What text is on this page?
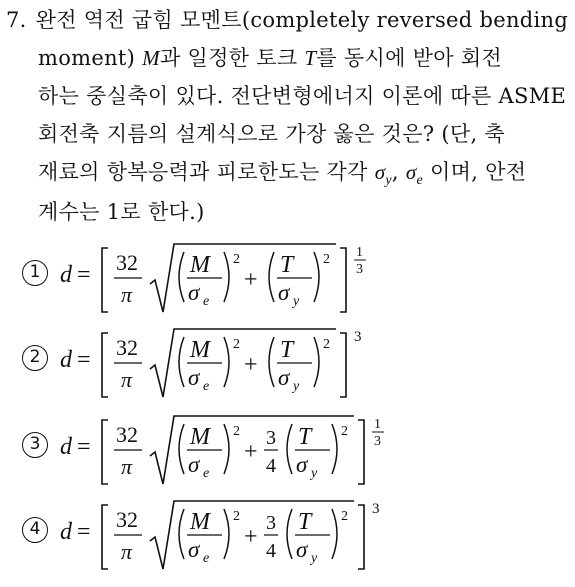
7. 완전 역전 굽힘 모멘트(completely reversed bending
moment) M과 일정한 토크 T를 동시에 받아 회전
하는 중실축이 있다. 전단변형에너지 이론에 따른 ASME
회전축 지름의 설계식으로 가장 옳은 것은? (단, 축
재료의 항복응력과 피로한도는 각각 $\sigma_y$, $\sigma_e$ 이며, 안전
계수는 1로 한다.)
1 d = 32
π
M
σ e
2
+
T
σ y
2 1
3
2 d = 32
π
M
σ e
2
+
T
σ y
2 3
3 d = 32
π
M
σ e
2
+
3
4
T
σ y
2 1
3
4 d = 32
π
M
σ e
2
+
3
4
T
σ y
2 3
